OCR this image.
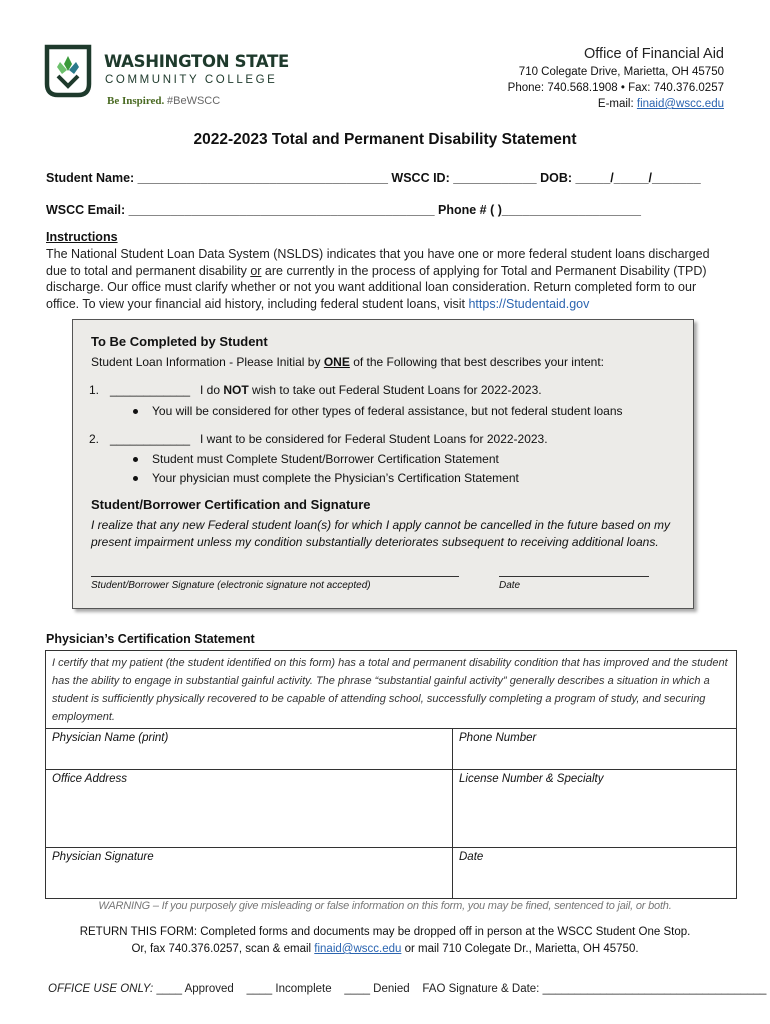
WASHINGTON STATE
COMMUNITY COLLEGE
Be Inspired. #BeWSCC
Office of Financial Aid
710 Colegate Drive, Marietta, OH 45750
Phone: 740.568.1908 • Fax: 740.376.0257
E-mail: finaid@wscc.edu
2022-2023 Total and Permanent Disability Statement
Student Name: ____________________________________ WSCC ID: ____________ DOB: _____/_____/_______
WSCC Email: ____________________________________________ Phone # ( )____________________
Instructions
The National Student Loan Data System (NSLDS) indicates that you have one or more federal student loans discharged due to total and permanent disability or are currently in the process of applying for Total and Permanent Disability (TPD) discharge. Our office must clarify whether or not you want additional loan consideration. Return completed form to our office. To view your financial aid history, including federal student loans, visit https://Studentaid.gov
To Be Completed by Student
Student Loan Information - Please Initial by ONE of the Following that best describes your intent:
1. ____________ I do NOT wish to take out Federal Student Loans for 2022-2023.
You will be considered for other types of federal assistance, but not federal student loans
2. ____________ I want to be considered for Federal Student Loans for 2022-2023.
Student must Complete Student/Borrower Certification Statement
Your physician must complete the Physician’s Certification Statement
Student/Borrower Certification and Signature
I realize that any new Federal student loan(s) for which I apply cannot be cancelled in the future based on my
present impairment unless my condition substantially deteriorates subsequent to receiving additional loans.
Student/Borrower Signature (electronic signature not accepted)	Date
Physician’s Certification Statement
I certify that my patient (the student identified on this form) has a total and permanent disability condition that has improved and the student has the ability to engage in substantial gainful activity. The phrase “substantial gainful activity” generally describes a situation in which a student is sufficiently physically recovered to be capable of attending school, successfully completing a program of study, and securing employment.
Physician Name (print)	Phone Number
Office Address	License Number & Specialty
Physician Signature	Date
WARNING – If you purposely give misleading or false information on this form, you may be fined, sentenced to jail, or both.
RETURN THIS FORM: Completed forms and documents may be dropped off in person at the WSCC Student One Stop.
Or, fax 740.376.0257, scan & email finaid@wscc.edu or mail 710 Colegate Dr., Marietta, OH 45750.
OFFICE USE ONLY: ____ Approved    ____ Incomplete    ____ Denied    FAO Signature & Date: ___________________________________
